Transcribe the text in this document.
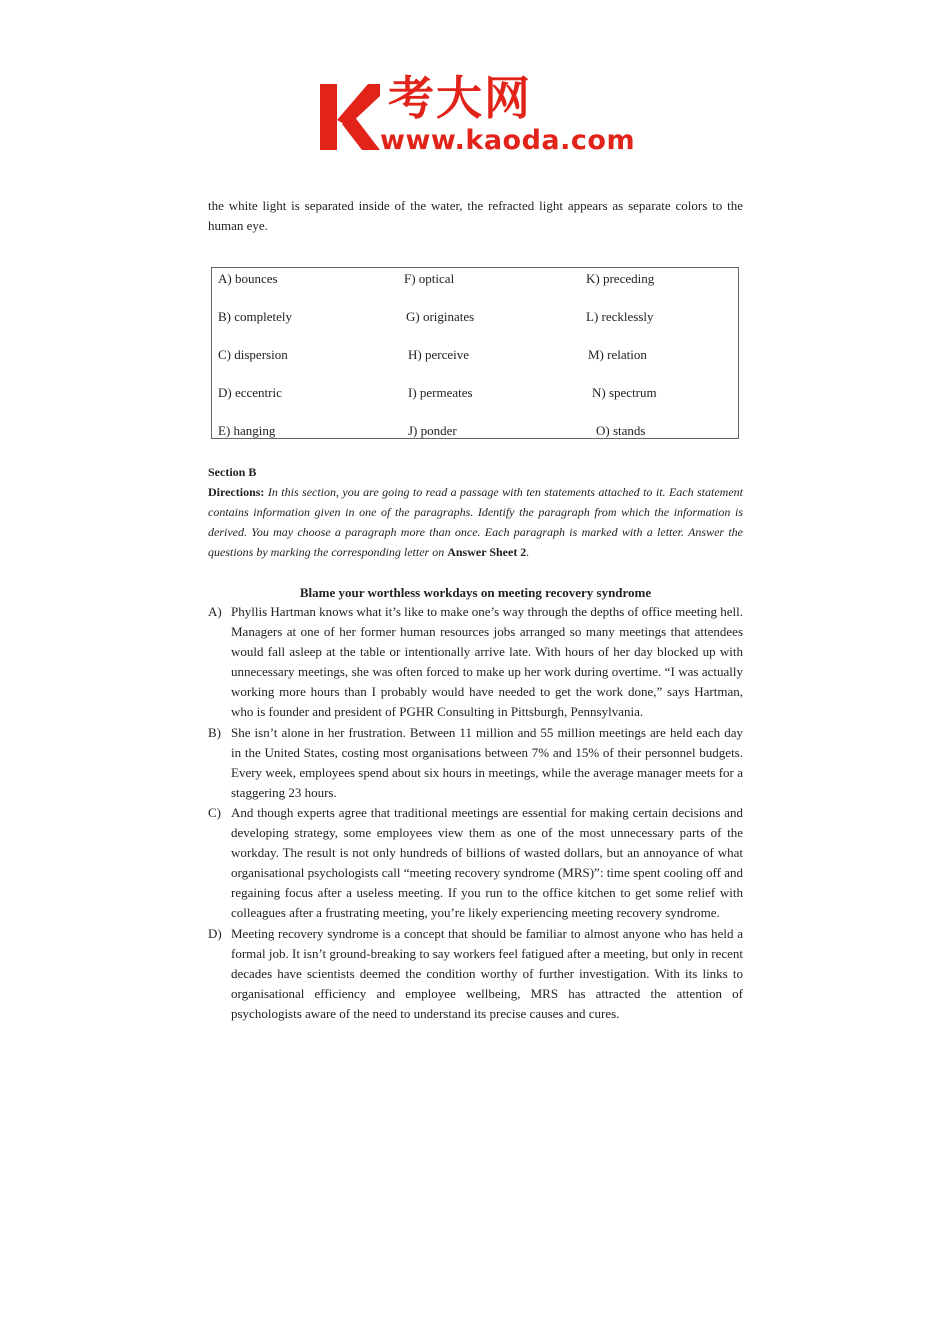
考大网
www.kaoda.com
the white light is separated inside of the water, the refracted light appears as separate colors to the human eye.
A) bounces	F) optical	K) preceding
B) completely	G) originates	L) recklessly
C) dispersion	H) perceive	M) relation
D) eccentric	I) permeates	N) spectrum
E) hanging	J) ponder	O) stands
Section B
Directions: In this section, you are going to read a passage with ten statements attached to it. Each statement contains information given in one of the paragraphs. Identify the paragraph from which the information is derived. You may choose a paragraph more than once. Each paragraph is marked with a letter. Answer the questions by marking the corresponding letter on Answer Sheet 2.
Blame your worthless workdays on meeting recovery syndrome
A) Phyllis Hartman knows what it’s like to make one’s way through the depths of office meeting hell. Managers at one of her former human resources jobs arranged so many meetings that attendees would fall asleep at the table or intentionally arrive late. With hours of her day blocked up with unnecessary meetings, she was often forced to make up her work during overtime. “I was actually working more hours than I probably would have needed to get the work done,” says Hartman, who is founder and president of PGHR Consulting in Pittsburgh, Pennsylvania.
B) She isn’t alone in her frustration. Between 11 million and 55 million meetings are held each day in the United States, costing most organisations between 7% and 15% of their personnel budgets. Every week, employees spend about six hours in meetings, while the average manager meets for a staggering 23 hours.
C) And though experts agree that traditional meetings are essential for making certain decisions and developing strategy, some employees view them as one of the most unnecessary parts of the workday. The result is not only hundreds of billions of wasted dollars, but an annoyance of what organisational psychologists call “meeting recovery syndrome (MRS)”: time spent cooling off and regaining focus after a useless meeting. If you run to the office kitchen to get some relief with colleagues after a frustrating meeting, you’re likely experiencing meeting recovery syndrome.
D) Meeting recovery syndrome is a concept that should be familiar to almost anyone who has held a formal job. It isn’t ground-breaking to say workers feel fatigued after a meeting, but only in recent decades have scientists deemed the condition worthy of further investigation. With its links to organisational efficiency and employee wellbeing, MRS has attracted the attention of psychologists aware of the need to understand its precise causes and cures.
